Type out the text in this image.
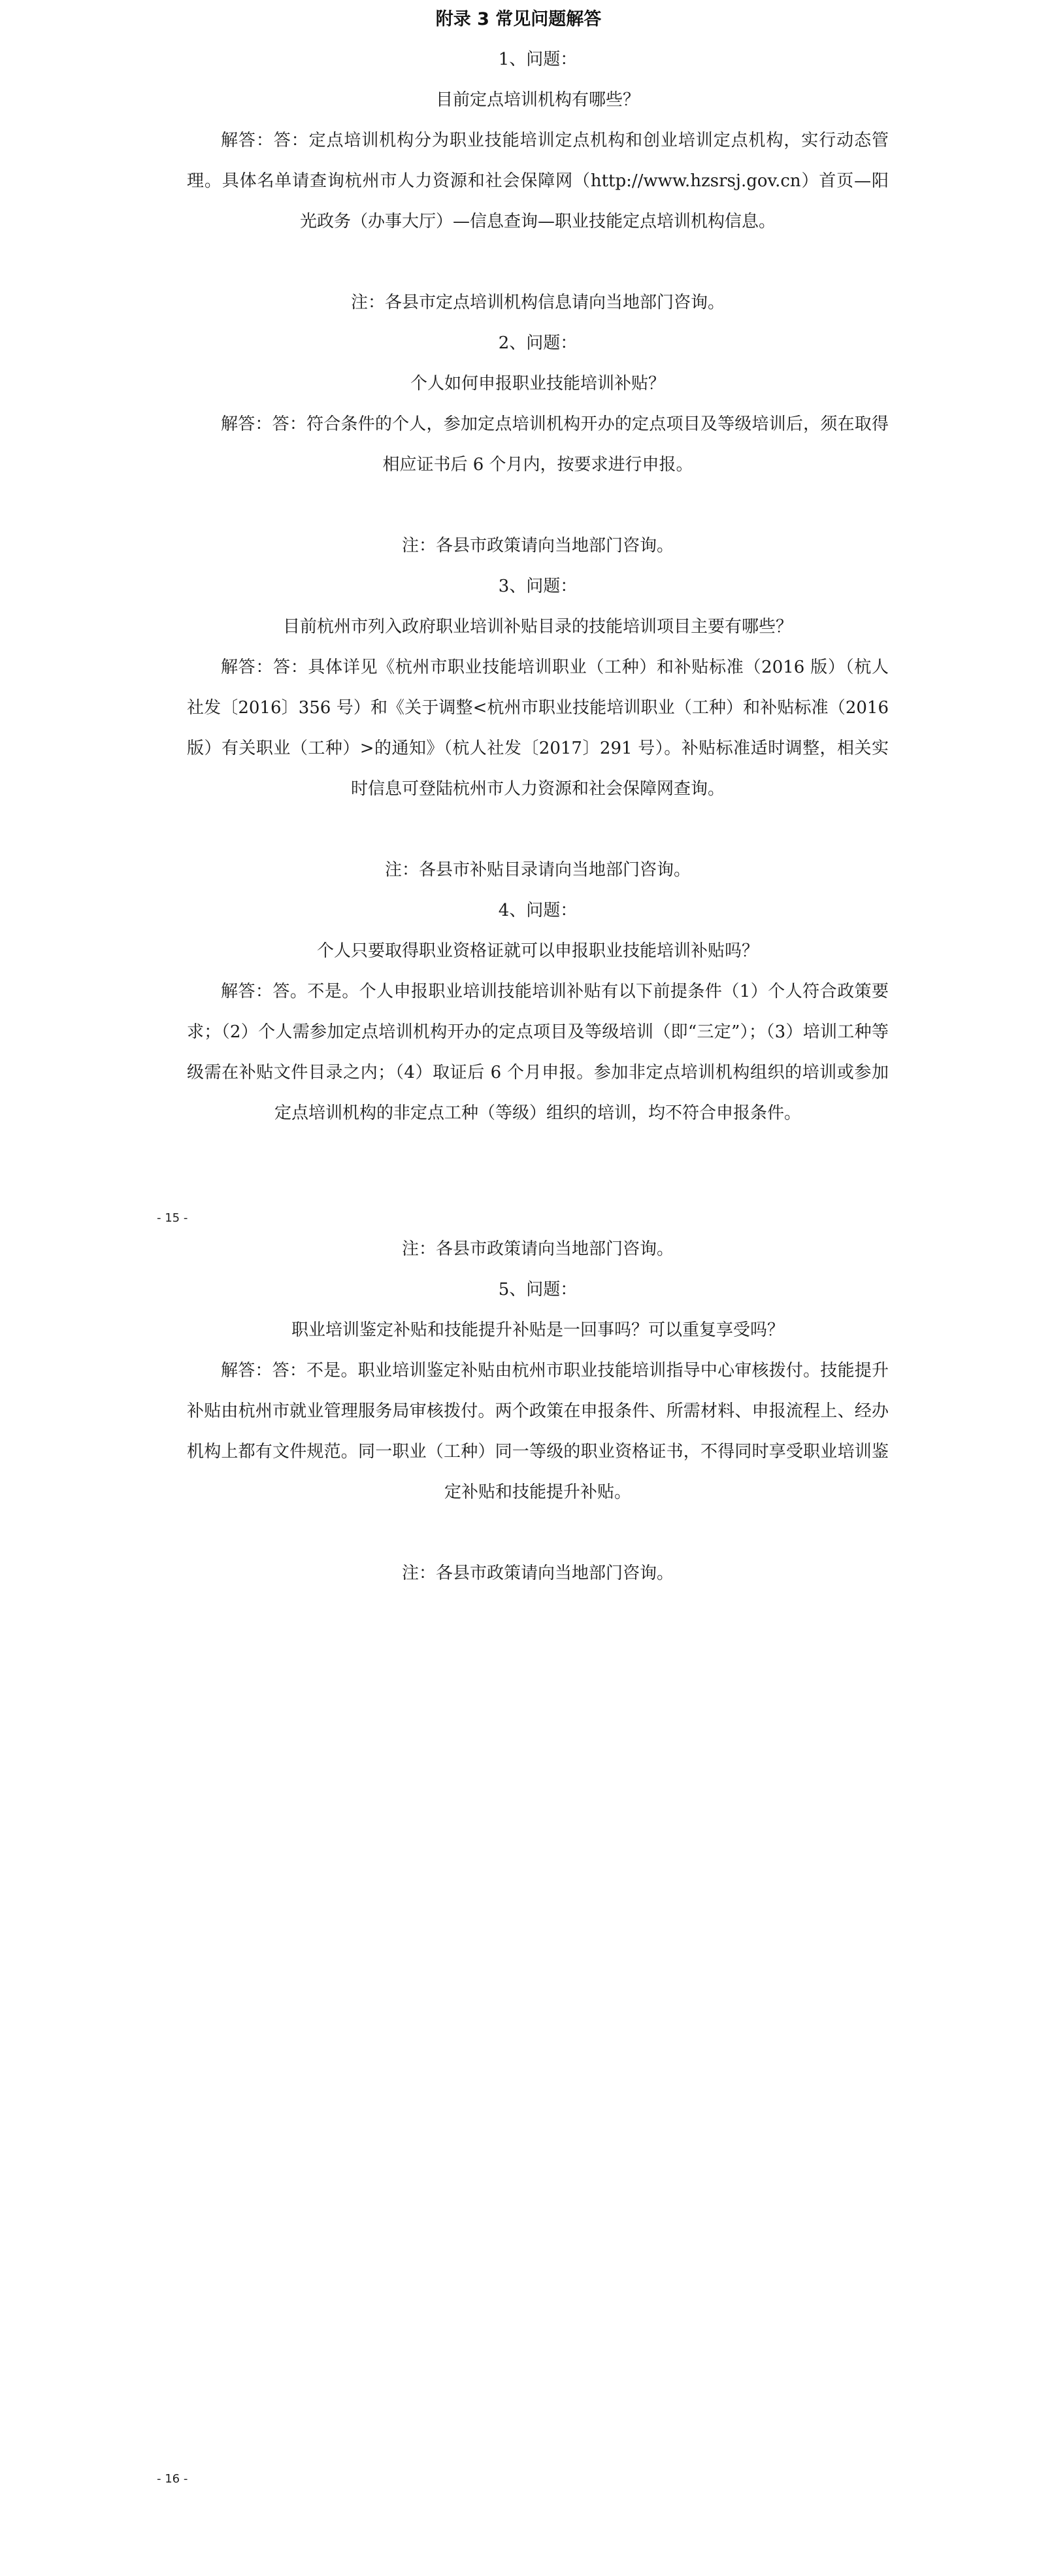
附录 3 常见问题解答

1、问题：

目前定点培训机构有哪些？

解答：答：定点培训机构分为职业技能培训定点机构和创业培训定点机构，实行动态管理。具体名单请查询杭州市人力资源和社会保障网（http://www.hzsrsj.gov.cn）首页—阳光政务（办事大厅）—信息查询—职业技能定点培训机构信息。

注：各县市定点培训机构信息请向当地部门咨询。

2、问题：

个人如何申报职业技能培训补贴？

解答：答：符合条件的个人，参加定点培训机构开办的定点项目及等级培训后，须在取得相应证书后 6 个月内，按要求进行申报。

注：各县市政策请向当地部门咨询。

3、问题：

目前杭州市列入政府职业培训补贴目录的技能培训项目主要有哪些？

解答：答：具体详见《杭州市职业技能培训职业（工种）和补贴标准（2016 版）（杭人社发〔2016〕356 号）和《关于调整<杭州市职业技能培训职业（工种）和补贴标准（2016 版）有关职业（工种）>的通知》（杭人社发〔2017〕291 号）。补贴标准适时调整，相关实时信息可登陆杭州市人力资源和社会保障网查询。

注：各县市补贴目录请向当地部门咨询。

4、问题：

个人只要取得职业资格证就可以申报职业技能培训补贴吗？

解答：答。不是。个人申报职业培训技能培训补贴有以下前提条件（1）个人符合政策要求；（2）个人需参加定点培训机构开办的定点项目及等级培训（即“三定”）；（3）培训工种等级需在补贴文件目录之内；（4）取证后 6 个月申报。参加非定点培训机构组织的培训或参加定点培训机构的非定点工种（等级）组织的培训，均不符合申报条件。

- 15 -

注：各县市政策请向当地部门咨询。

5、问题：

职业培训鉴定补贴和技能提升补贴是一回事吗？可以重复享受吗？

解答：答：不是。职业培训鉴定补贴由杭州市职业技能培训指导中心审核拨付。技能提升补贴由杭州市就业管理服务局审核拨付。两个政策在申报条件、所需材料、申报流程上、经办机构上都有文件规范。同一职业（工种）同一等级的职业资格证书，不得同时享受职业培训鉴定补贴和技能提升补贴。

注：各县市政策请向当地部门咨询。

- 16 -
